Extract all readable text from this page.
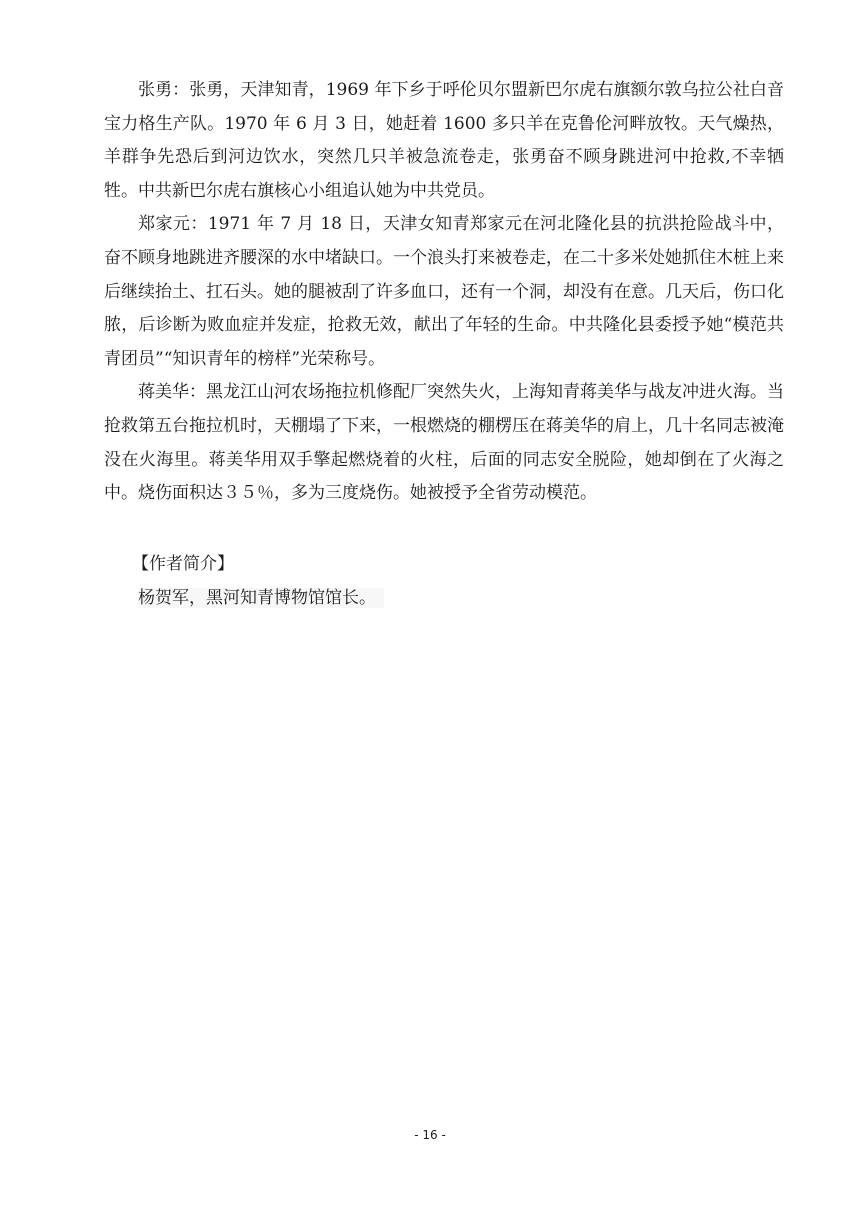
张勇：张勇，天津知青，1969 年下乡于呼伦贝尔盟新巴尔虎右旗额尔敦乌拉公社白音宝力格生产队。1970 年 6 月 3 日，她赶着 1600 多只羊在克鲁伦河畔放牧。天气燥热，羊群争先恐后到河边饮水，突然几只羊被急流卷走，张勇奋不顾身跳进河中抢救,不幸牺牲。中共新巴尔虎右旗核心小组追认她为中共党员。

郑家元：1971 年 7 月 18 日，天津女知青郑家元在河北隆化县的抗洪抢险战斗中，奋不顾身地跳进齐腰深的水中堵缺口。一个浪头打来被卷走，在二十多米处她抓住木桩上来后继续抬土、扛石头。她的腿被刮了许多血口，还有一个洞，却没有在意。几天后，伤口化脓，后诊断为败血症并发症，抢救无效，献出了年轻的生命。中共隆化县委授予她“模范共青团员”“知识青年的榜样”光荣称号。

蒋美华：黑龙江山河农场拖拉机修配厂突然失火，上海知青蒋美华与战友冲进火海。当抢救第五台拖拉机时，天棚塌了下来，一根燃烧的棚楞压在蒋美华的肩上，几十名同志被淹没在火海里。蒋美华用双手擎起燃烧着的火柱，后面的同志安全脱险，她却倒在了火海之中。烧伤面积达３５％，多为三度烧伤。她被授予全省劳动模范。

【作者简介】

杨贺军，黑河知青博物馆馆长。

- 16 -
